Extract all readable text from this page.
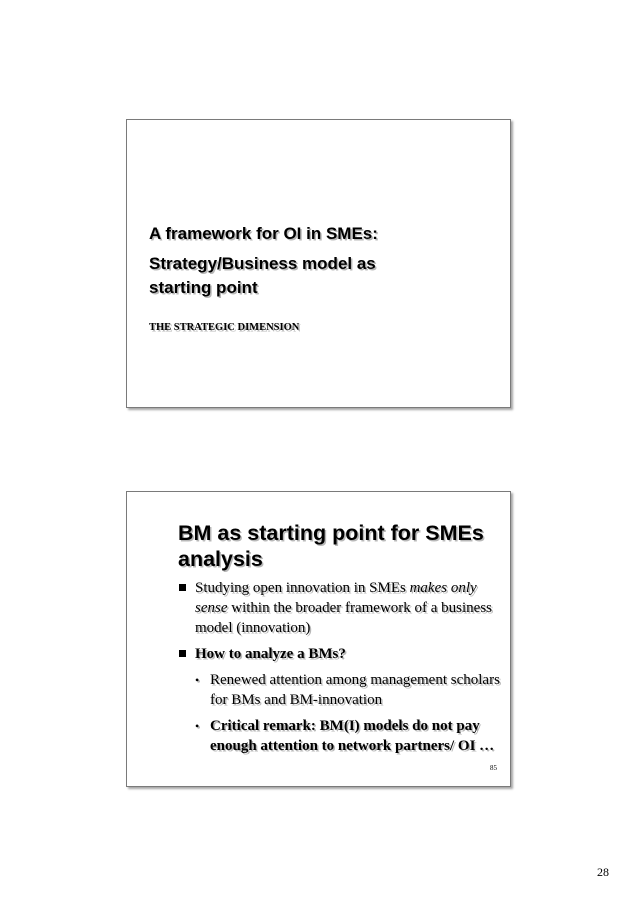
A framework for OI in SMEs:
Strategy/Business model as
starting point
THE STRATEGIC DIMENSION
BM as starting point for SMEs
analysis
Studying open innovation in SMEs makes only sense within the broader framework of a business model (innovation)
How to analyze a BMs?
• Renewed attention among management scholars for BMs and BM-innovation
• Critical remark: BM(I) models do not pay enough attention to network partners/ OI …
85
28
